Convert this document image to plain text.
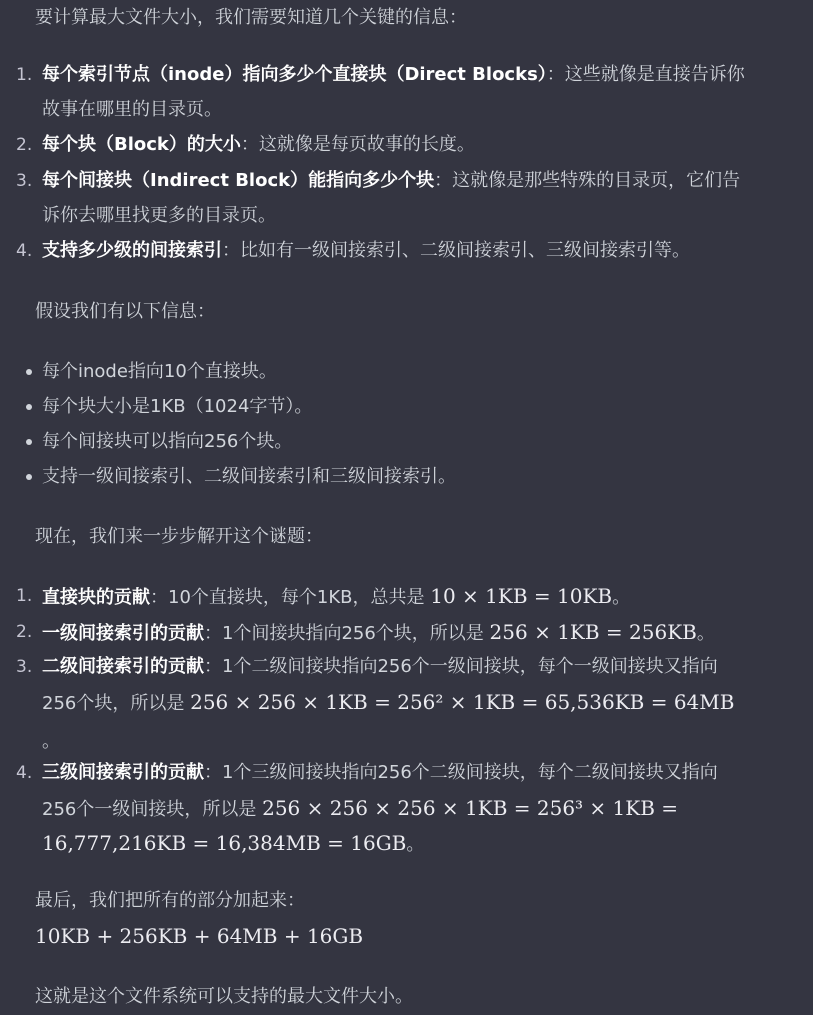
要计算最大文件大小，我们需要知道几个关键的信息：
1. 每个索引节点（inode）指向多少个直接块（Direct Blocks）：这些就像是直接告诉你
故事在哪里的目录页。
2. 每个块（Block）的大小：这就像是每页故事的长度。
3. 每个间接块（Indirect Block）能指向多少个块：这就像是那些特殊的目录页，它们告
诉你去哪里找更多的目录页。
4. 支持多少级的间接索引：比如有一级间接索引、二级间接索引、三级间接索引等。
假设我们有以下信息：
每个inode指向10个直接块。
每个块大小是1KB（1024字节）。
每个间接块可以指向256个块。
支持一级间接索引、二级间接索引和三级间接索引。
现在，我们来一步步解开这个谜题：
1. 直接块的贡献：10个直接块，每个1KB，总共是 10 × 1KB = 10KB。
2. 一级间接索引的贡献：1个间接块指向256个块，所以是 256 × 1KB = 256KB。
3. 二级间接索引的贡献：1个二级间接块指向256个一级间接块，每个一级间接块又指向
256个块，所以是 256 × 256 × 1KB = 256² × 1KB = 65,536KB = 64MB
。
4. 三级间接索引的贡献：1个三级间接块指向256个二级间接块，每个二级间接块又指向
256个一级间接块，所以是 256 × 256 × 256 × 1KB = 256³ × 1KB =
16,777,216KB = 16,384MB = 16GB。
最后，我们把所有的部分加起来：
10KB + 256KB + 64MB + 16GB
这就是这个文件系统可以支持的最大文件大小。
